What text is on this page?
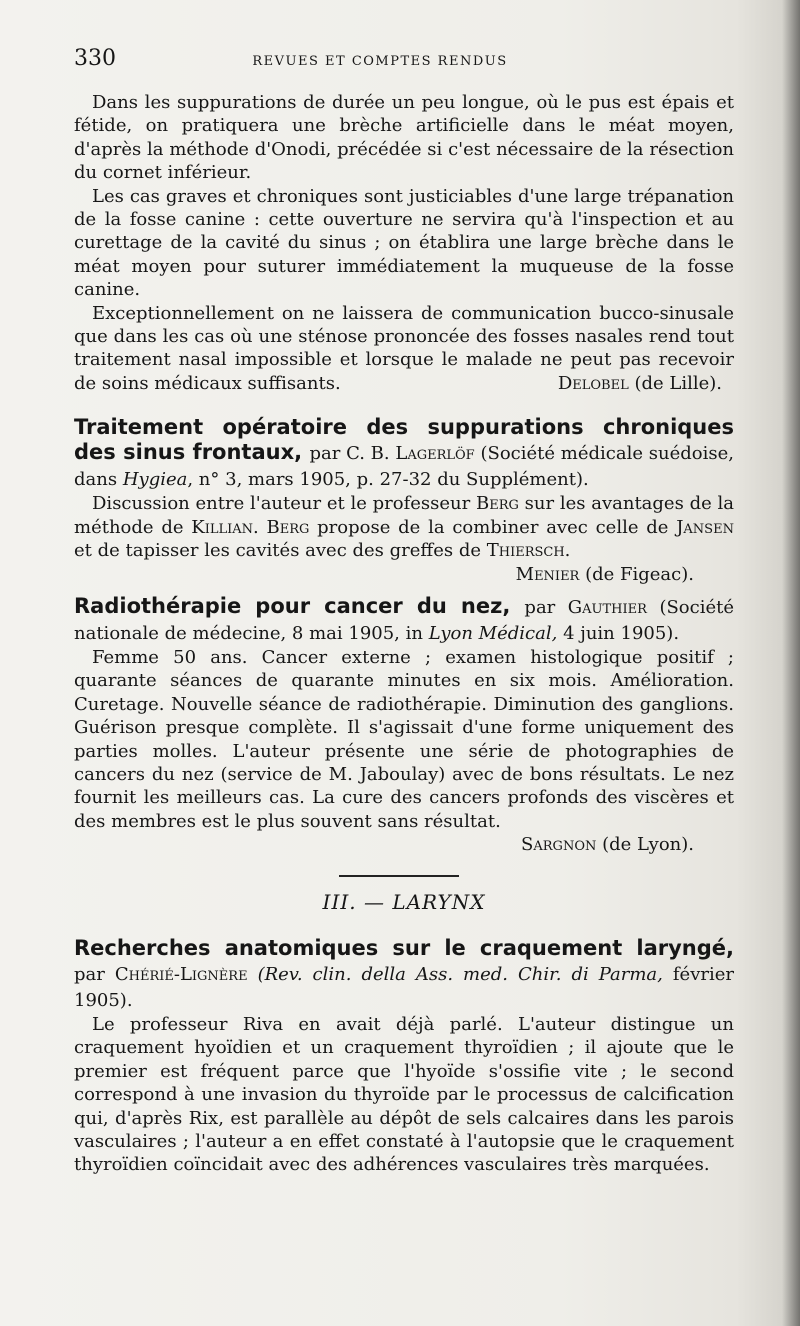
330	REVUES ET COMPTES RENDUS

Dans les suppurations de durée un peu longue, où le pus est épais et fétide, on pratiquera une brèche artificielle dans le méat moyen, d'après la méthode d'Onodi, précédée si c'est nécessaire de la résection du cornet inférieur.

Les cas graves et chroniques sont justiciables d'une large trépanation de la fosse canine : cette ouverture ne servira qu'à l'inspection et au curettage de la cavité du sinus ; on établira une large brèche dans le méat moyen pour suturer immédiatement la muqueuse de la fosse canine.

Exceptionnellement on ne laissera de communication bucco-sinusale que dans les cas où une sténose prononcée des fosses nasales rend tout traitement nasal impossible et lorsque le malade ne peut pas recevoir de soins médicaux suffisants.	Delobel (de Lille).

Traitement opératoire des suppurations chroniques des sinus frontaux, par C. B. Lagerlöf (Société médicale suédoise, dans Hygiea, n° 3, mars 1905, p. 27-32 du Supplément).

Discussion entre l'auteur et le professeur Berg sur les avantages de la méthode de Killian. Berg propose de la combiner avec celle de Jansen et de tapisser les cavités avec des greffes de Thiersch.

Menier (de Figeac).
Radiothérapie pour cancer du nez, par Gauthier (Société nationale de médecine, 8 mai 1905, in Lyon Médical, 4 juin 1905).

Femme 50 ans. Cancer externe ; examen histologique positif ; quarante séances de quarante minutes en six mois. Amélioration. Curetage. Nouvelle séance de radiothérapie. Diminution des ganglions. Guérison presque complète. Il s'agissait d'une forme uniquement des parties molles. L'auteur présente une série de photographies de cancers du nez (service de M. Jaboulay) avec de bons résultats. Le nez fournit les meilleurs cas. La cure des cancers profonds des viscères et des membres est le plus souvent sans résultat.

Sargnon (de Lyon).
III. — LARYNX
Recherches anatomiques sur le craquement laryngé, par Chérié-Lignère (Rev. clin. della Ass. med. Chir. di Parma, février 1905).

Le professeur Riva en avait déjà parlé. L'auteur distingue un craquement hyoïdien et un craquement thyroïdien ; il ajoute que le premier est fréquent parce que l'hyoïde s'ossifie vite ; le second correspond à une invasion du thyroïde par le processus de calcification qui, d'après Rix, est parallèle au dépôt de sels calcaires dans les parois vasculaires ; l'auteur a en effet constaté à l'autopsie que le craquement thyroïdien coïncidait avec des adhérences vasculaires très marquées.
